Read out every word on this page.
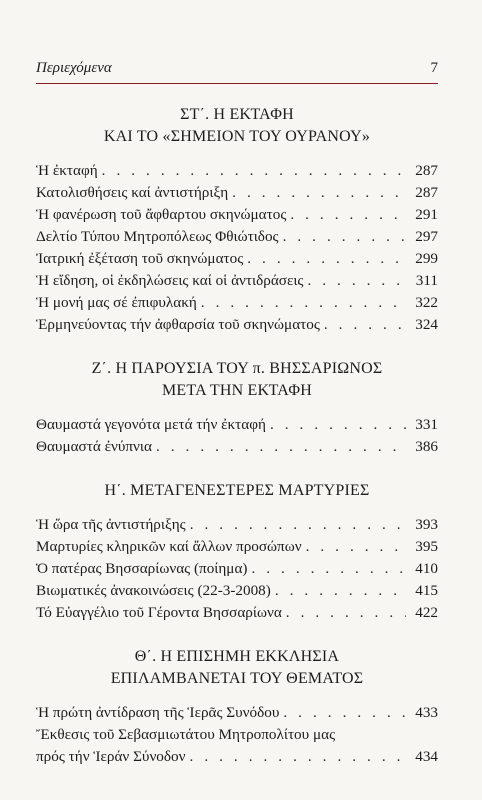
Περιεχόμενα	7
ΣΤ΄. Η ΕΚΤΑΦΗ
ΚΑΙ ΤΟ «ΣΗΜΕΙΟΝ ΤΟΥ ΟΥΡΑΝΟΥ»
Ἡ ἐκταφή . . .	287
Κατολισθήσεις καί ἀντιστήριξη . . .	287
Ἡ φανέρωση τοῦ ἄφθαρτου σκηνώματος . . .	291
Δελτίο Τύπου Μητροπόλεως Φθιώτιδος . . .	297
Ἰατρική ἐξέταση τοῦ σκηνώματος . . .	299
Ἡ εἴδηση, οἱ ἐκδηλώσεις καί οἱ ἀντιδράσεις . . .	311
Ἡ μονή μας σέ ἐπιφυλακή . . .	322
Ἑρμηνεύοντας τήν ἀφθαρσία τοῦ σκηνώματος . . .	324
Ζ΄. Η ΠΑΡΟΥΣΙΑ ΤΟΥ π. ΒΗΣΣΑΡΙΩΝΟΣ
ΜΕΤΑ ΤΗΝ ΕΚΤΑΦΗ
Θαυμαστά γεγονότα μετά τήν ἐκταφή . . .	331
Θαυμαστά ἐνύπνια . . .	386
Η΄. ΜΕΤΑΓΕΝΕΣΤΕΡΕΣ ΜΑΡΤΥΡΙΕΣ
Ἡ ὥρα τῆς ἀντιστήριξης . . .	393
Μαρτυρίες κληρικῶν καί ἄλλων προσώπων . . .	395
Ὁ πατέρας Βησσαρίωνας (ποίημα) . . .	410
Βιωματικές ἀνακοινώσεις (22-3-2008) . . .	415
Τό Εὐαγγέλιο τοῦ Γέροντα Βησσαρίωνα . . .	422
Θ΄. Η ΕΠΙΣΗΜΗ ΕΚΚΛΗΣΙΑ
ΕΠΙΛΑΜΒΑΝΕΤΑΙ ΤΟΥ ΘΕΜΑΤΟΣ
Ἡ πρώτη ἀντίδραση τῆς Ἱερᾶς Συνόδου . . .	433
Ἔκθεσις τοῦ Σεβασμιωτάτου Μητροπολίτου μας
πρός τήν Ἱεράν Σύνοδον . . .	434
